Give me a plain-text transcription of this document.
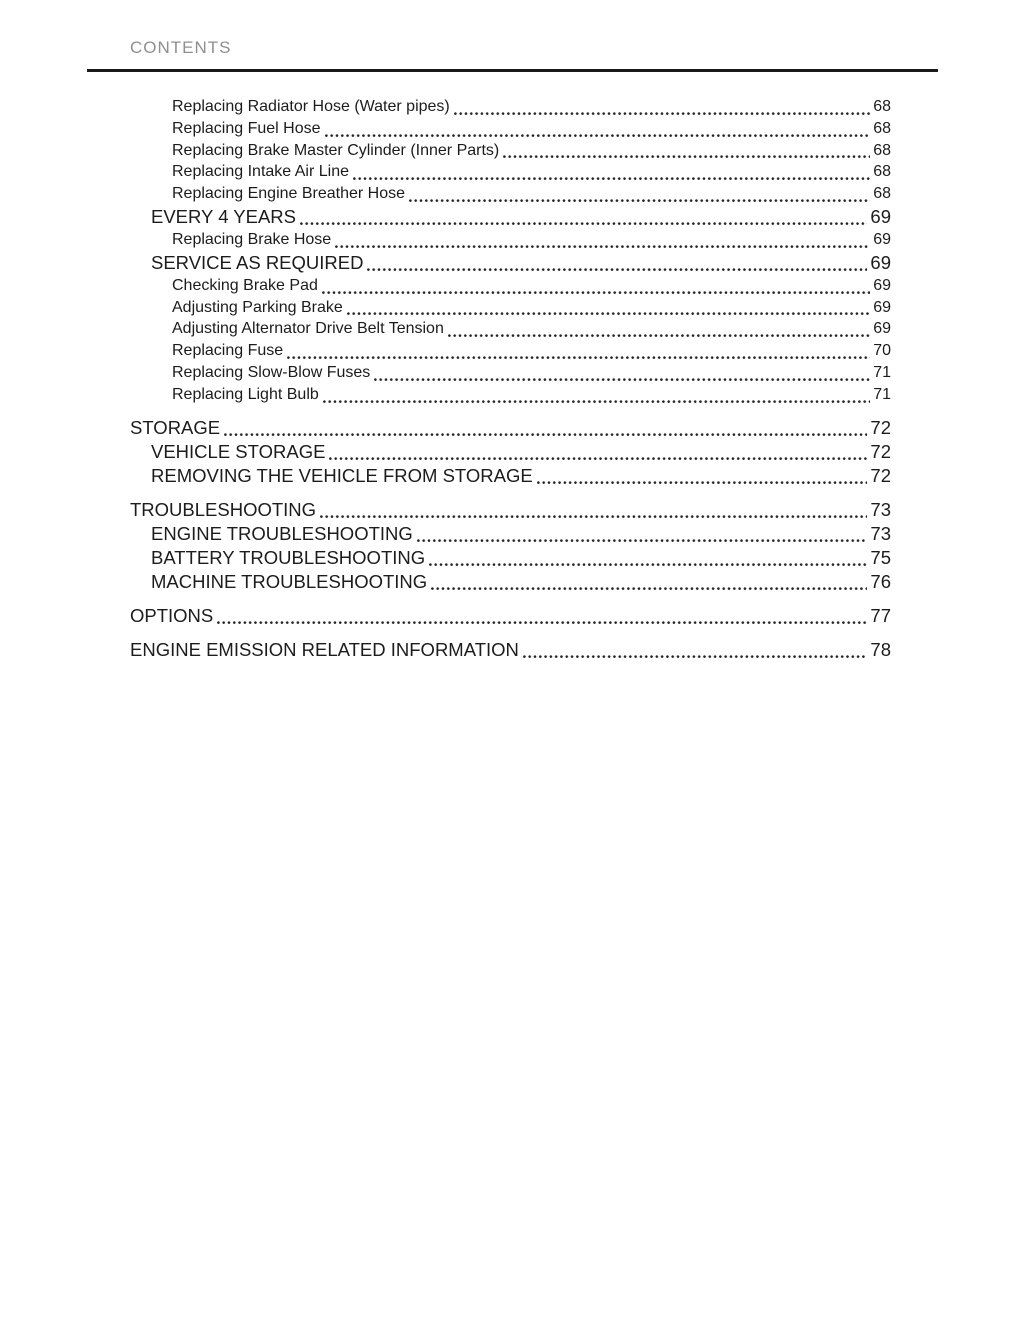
CONTENTS
Replacing Radiator Hose (Water pipes)	68
Replacing Fuel Hose	68
Replacing Brake Master Cylinder (Inner Parts)	68
Replacing Intake Air Line	68
Replacing Engine Breather Hose	68
EVERY 4 YEARS	69
Replacing Brake Hose	69
SERVICE AS REQUIRED	69
Checking Brake Pad	69
Adjusting Parking Brake	69
Adjusting Alternator Drive Belt Tension	69
Replacing Fuse	70
Replacing Slow-Blow Fuses	71
Replacing Light Bulb	71
STORAGE	72
VEHICLE STORAGE	72
REMOVING THE VEHICLE FROM STORAGE	72
TROUBLESHOOTING	73
ENGINE TROUBLESHOOTING	73
BATTERY TROUBLESHOOTING	75
MACHINE TROUBLESHOOTING	76
OPTIONS	77
ENGINE EMISSION RELATED INFORMATION	78
